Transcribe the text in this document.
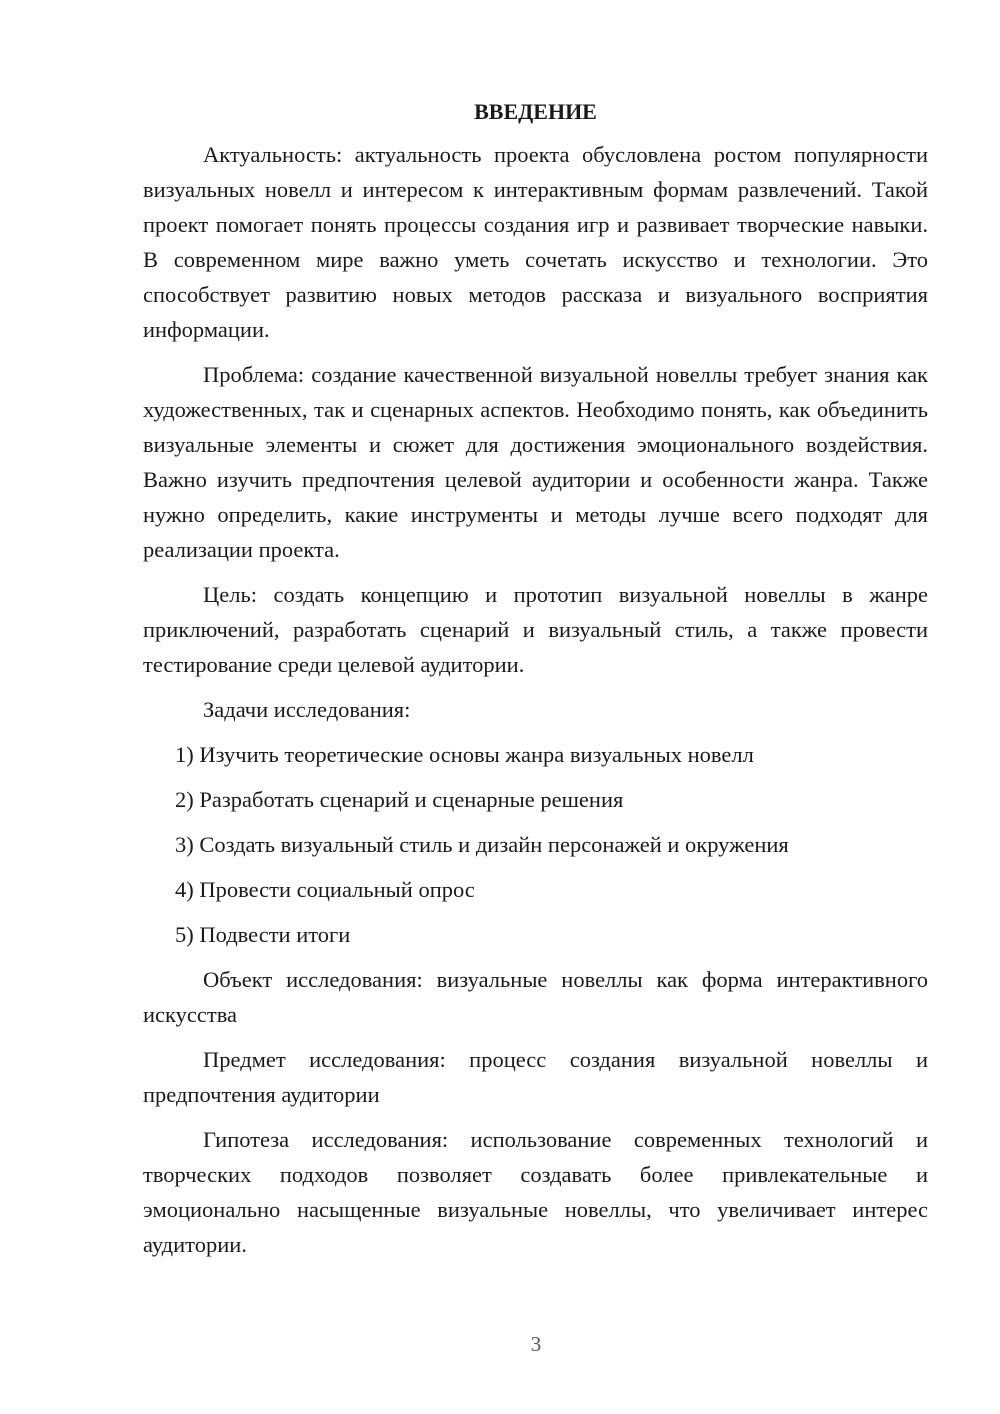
ВВЕДЕНИЕ

Актуальность: актуальность проекта обусловлена ростом популярности визуальных новелл и интересом к интерактивным формам развлечений. Такой проект помогает понять процессы создания игр и развивает творческие навыки. В современном мире важно уметь сочетать искусство и технологии. Это способствует развитию новых методов рассказа и визуального восприятия информации.

Проблема: создание качественной визуальной новеллы требует знания как художественных, так и сценарных аспектов. Необходимо понять, как объединить визуальные элементы и сюжет для достижения эмоционального воздействия. Важно изучить предпочтения целевой аудитории и особенности жанра. Также нужно определить, какие инструменты и методы лучше всего подходят для реализации проекта.

Цель: создать концепцию и прототип визуальной новеллы в жанре приключений, разработать сценарий и визуальный стиль, а также провести тестирование среди целевой аудитории.

Задачи исследования:

1) Изучить теоретические основы жанра визуальных новелл
2) Разработать сценарий и сценарные решения
3) Создать визуальный стиль и дизайн персонажей и окружения
4) Провести социальный опрос
5) Подвести итоги

Объект исследования: визуальные новеллы как форма интерактивного искусства

Предмет исследования: процесс создания визуальной новеллы и предпочтения аудитории

Гипотеза исследования: использование современных технологий и творческих подходов позволяет создавать более привлекательные и эмоционально насыщенные визуальные новеллы, что увеличивает интерес аудитории.

3
